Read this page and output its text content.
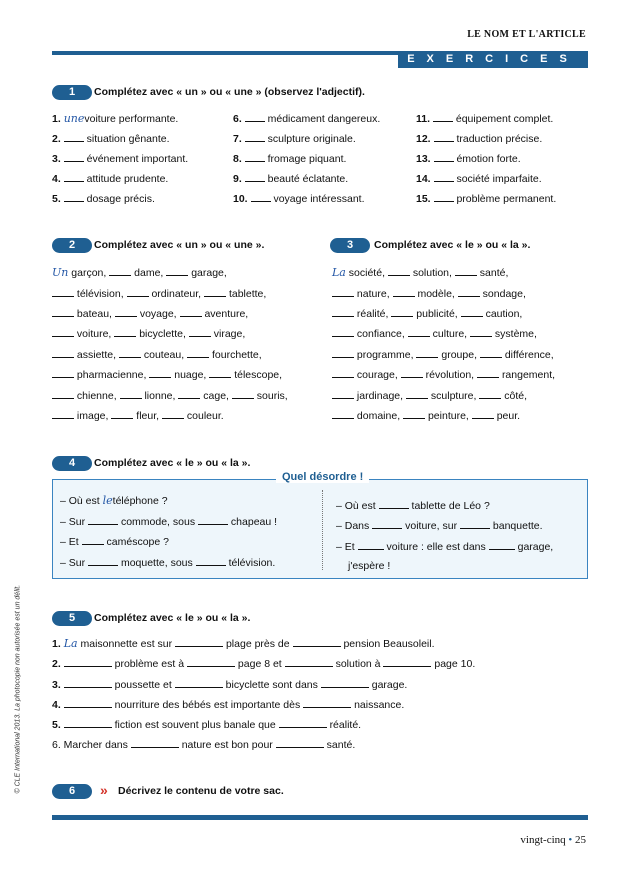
LE NOM ET L'ARTICLE
EXERCICES
1	Complétez avec « un » ou « une » (observez l'adjectif).
1. unevoiture performante.
2. situation gênante.
3. événement important.
4. attitude prudente.
5. dosage précis.
6. médicament dangereux.
7. sculpture originale.
8. fromage piquant.
9. beauté éclatante.
10. voyage intéressant.
11. équipement complet.
12. traduction précise.
13. émotion forte.
14. société imparfaite.
15. problème permanent.
2	Complétez avec « un » ou « une ».
Un garçon,	dame,	garage,
télévision,	ordinateur,	tablette,
bateau,	voyage,	aventure,
voiture,	bicyclette,	virage,
assiette,	couteau,	fourchette,
pharmacienne,	nuage,	télescope,
chienne,	lionne,	cage,	souris,
image,	fleur,	couleur.
3	Complétez avec « le » ou « la ».
La société,	solution,	santé,
nature,	modèle,	sondage,
réalité,	publicité,	caution,
confiance,	culture,	système,
programme,	groupe,	différence,
courage,	révolution,	rangement,
jardinage,	sculpture,	côté,
domaine,	peinture,	peur.
4	Complétez avec « le » ou « la ».
Quel désordre !
– Où est letéléphone ?
– Sur	commode, sous	chapeau !
– Et	caméscope ?
– Sur	moquette, sous	télévision.
– Où est	tablette de Léo ?
– Dans	voiture, sur	banquette.
– Et	voiture : elle est dans	garage,
j'espère !
5	Complétez avec « le » ou « la ».
1. La maisonnette est sur	plage près de	pension Beausoleil.
2.	problème est à	page 8 et	solution à	page 10.
3.	poussette et	bicyclette sont dans	garage.
4.	nourriture des bébés est importante dès	naissance.
5.	fiction est souvent plus banale que	réalité.
6. Marcher dans	nature est bon pour	santé.
6 » Décrivez le contenu de votre sac.
© CLE International 2013. La photocopie non autorisée est un délit.
vingt-cinq • 25
